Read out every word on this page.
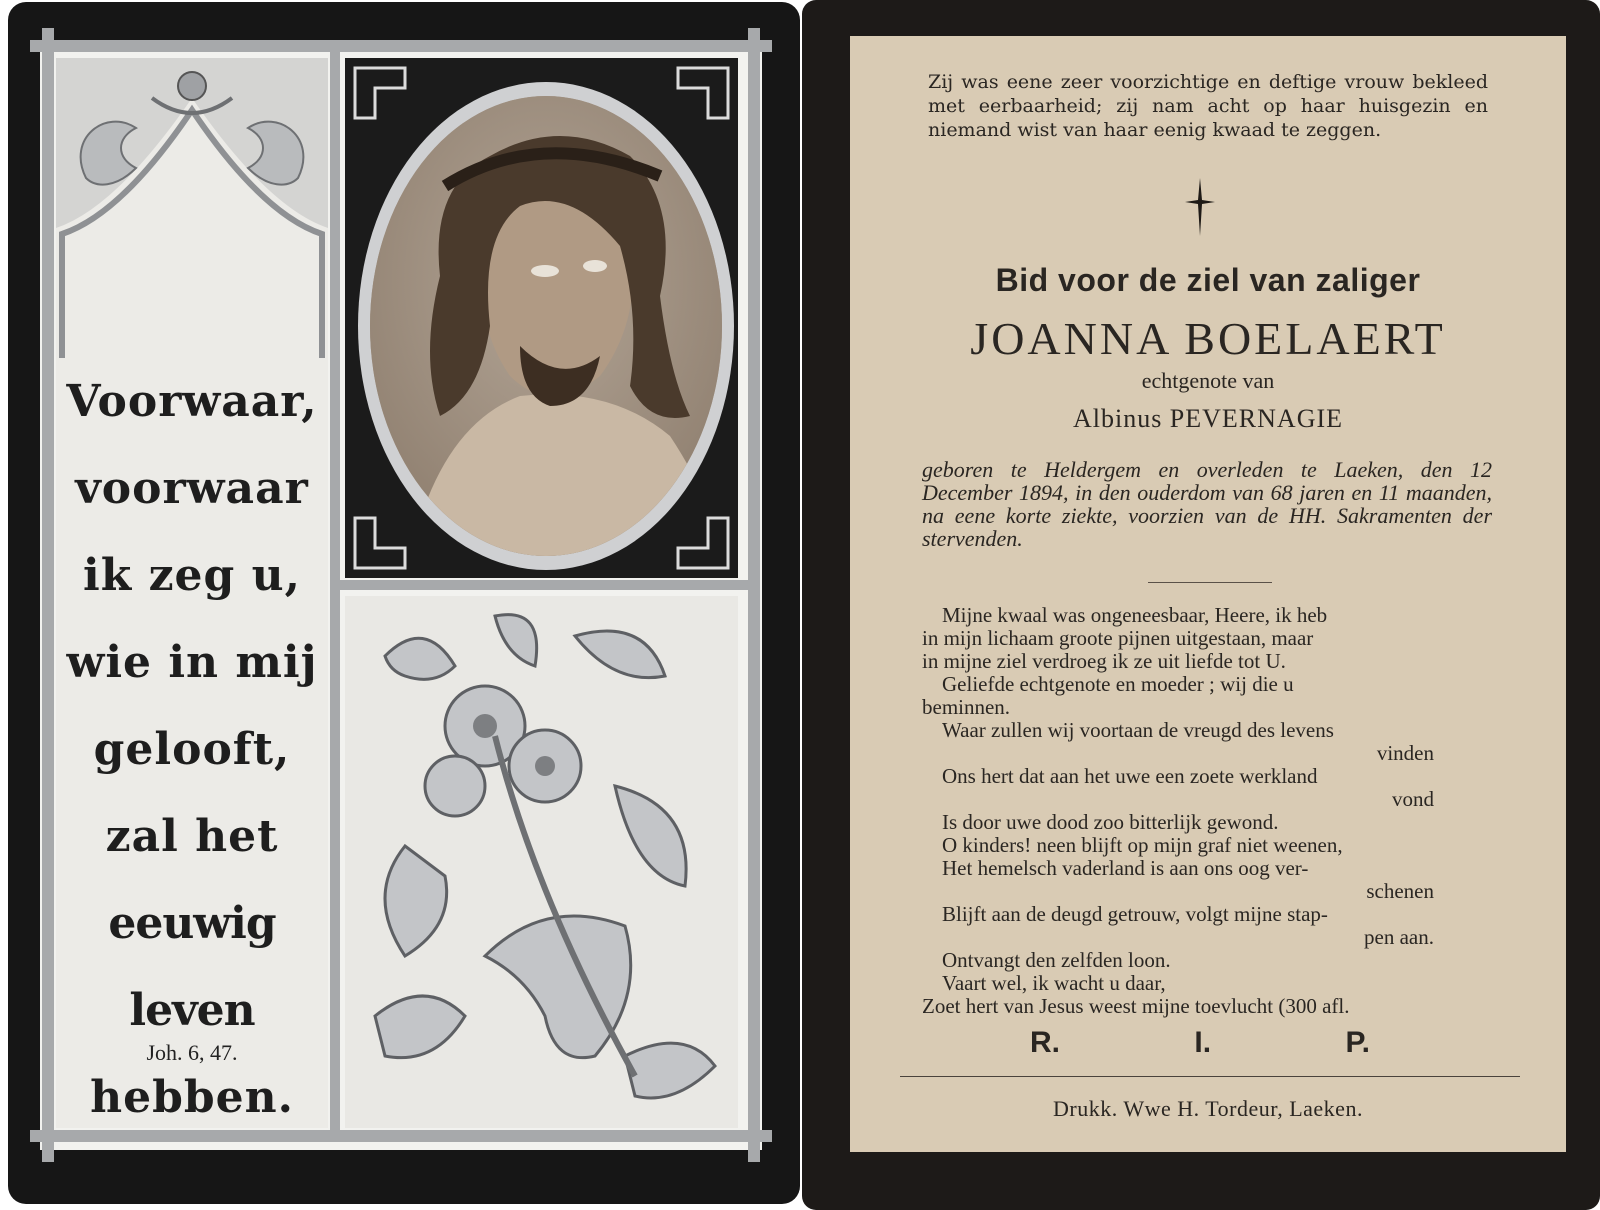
Voorwaar,
voorwaar
ik zeg u,
wie in mij
gelooft,
zal het
eeuwig leven
hebben.
Joh. 6, 47.
Zij was eene zeer voorzichtige en deftige vrouw bekleed met eerbaarheid; zij nam acht op haar huisgezin en niemand wist van haar eenig kwaad te zeggen.
Bid voor de ziel van zaliger
JOANNA BOELAERT
echtgenote van
Albinus PEVERNAGIE
geboren te Heldergem en overleden te Laeken, den 12 December 1894, in den ouderdom van 68 jaren en 11 maanden, na eene korte ziekte, voorzien van de HH. Sakramenten der stervenden.
Mijne kwaal was ongeneesbaar, Heere, ik heb
in mijn lichaam groote pijnen uitgestaan, maar
in mijne ziel verdroeg ik ze uit liefde tot U.
Geliefde echtgenote en moeder ; wij die u
beminnen.
Waar zullen wij voortaan de vreugd des levens
vinden
Ons hert dat aan het uwe een zoete werkland
vond
Is door uwe dood zoo bitterlijk gewond.
O kinders! neen blijft op mijn graf niet weenen,
Het hemelsch vaderland is aan ons oog ver-
schenen
Blijft aan de deugd getrouw, volgt mijne stap-
pen aan.
Ontvangt den zelfden loon.
Vaart wel, ik wacht u daar,
Zoet hert van Jesus weest mijne toevlucht (300 afl.
R.	I.	P.
Drukk. Wwe H. Tordeur, Laeken.
